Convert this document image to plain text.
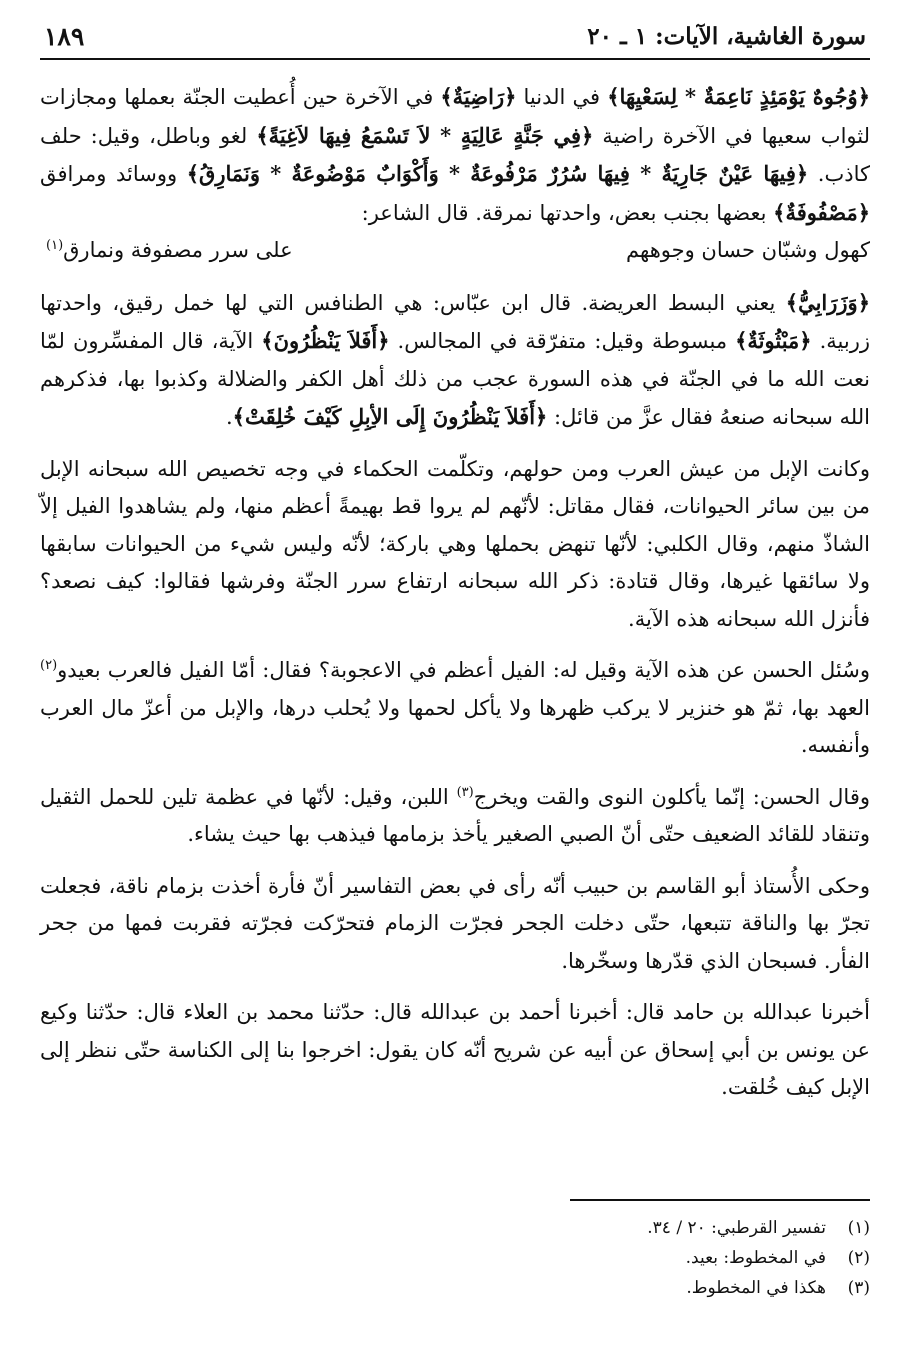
سورة الغاشية، الآيات: ١ ـ ٢٠
١٨٩

﴿وُجُوهٌ يَوْمَئِذٍ نَاعِمَةٌ * لِسَعْيِهَا﴾ في الدنيا ﴿رَاضِيَةٌ﴾ في الآخرة حين أُعطيت الجنّة بعملها ومجازات لثواب سعيها في الآخرة راضية ﴿فِي جَنَّةٍ عَالِيَةٍ * لاَ تَسْمَعُ فِيهَا لاَغِيَةً﴾ لغو وباطل، وقيل: حلف كاذب. ﴿فِيهَا عَيْنٌ جَارِيَةٌ * فِيهَا سُرُرٌ مَرْفُوعَةٌ * وَأَكْوَابٌ مَوْضُوعَةٌ * وَنَمَارِقُ﴾ ووسائد ومرافق ﴿مَصْفُوفَةٌ﴾ بعضها بجنب بعض، واحدتها نمرقة. قال الشاعر:

كهول وشبّان حسان وجوههم
على سرر مصفوفة ونمارق$^{(١)}$

﴿وَزَرَابِيُّ﴾ يعني البسط العريضة. قال ابن عبّاس: هي الطنافس التي لها خمل رقيق، واحدتها زربية. ﴿مَبْثُوثَةٌ﴾ مبسوطة وقيل: متفرّقة في المجالس. ﴿أَفَلاَ يَنْظُرُونَ﴾ الآية، قال المفسِّرون لمّا نعت الله ما في الجنّة في هذه السورة عجب من ذلك أهل الكفر والضلالة وكذبوا بها، فذكرهم الله سبحانه صنعهُ فقال عزَّ من قائل: ﴿أَفَلاَ يَنْظُرُونَ إِلَى الأِبِلِ كَيْفَ خُلِقَتْ﴾.

وكانت الإبل من عيش العرب ومن حولهم، وتكلّمت الحكماء في وجه تخصيص الله سبحانه الإبل من بين سائر الحيوانات، فقال مقاتل: لأنّهم لم يروا قط بهيمةً أعظم منها، ولم يشاهدوا الفيل إلاّ الشاذّ منهم، وقال الكلبي: لأنّها تنهض بحملها وهي باركة؛ لأنّه وليس شيء من الحيوانات سابقها ولا سائقها غيرها، وقال قتادة: ذكر الله سبحانه ارتفاع سرر الجنّة وفرشها فقالوا: كيف نصعد؟ فأنزل الله سبحانه هذه الآية.

وسُئل الحسن عن هذه الآية وقيل له: الفيل أعظم في الاعجوبة؟ فقال: أمّا الفيل فالعرب بعيدو$^{(٢)}$ العهد بها، ثمّ هو خنزير لا يركب ظهرها ولا يأكل لحمها ولا يُحلب درها، والإبل من أعزّ مال العرب وأنفسه.

وقال الحسن: إنّما يأكلون النوى والقت ويخرج$^{(٣)}$ اللبن، وقيل: لأنّها في عظمة تلين للحمل الثقيل وتنقاد للقائد الضعيف حتّى أنّ الصبي الصغير يأخذ بزمامها فيذهب بها حيث يشاء.

وحكى الأُستاذ أبو القاسم بن حبيب أنّه رأى في بعض التفاسير أنّ فأرة أخذت بزمام ناقة، فجعلت تجرّ بها والناقة تتبعها، حتّى دخلت الجحر فجرّت الزمام فتحرّكت فجرّته فقربت فمها من جحر الفأر. فسبحان الذي قدّرها وسخّرها.

أخبرنا عبدالله بن حامد قال: أخبرنا أحمد بن عبدالله قال: حدّثنا محمد بن العلاء قال: حدّثنا وكيع عن يونس بن أبي إسحاق عن أبيه عن شريح أنّه كان يقول: اخرجوا بنا إلى الكناسة حتّى ننظر إلى الإبل كيف خُلقت.

(١)
تفسير القرطبي: ٢٠ / ٣٤.
(٢)
في المخطوط: بعيد.
(٣)
هكذا في المخطوط.
